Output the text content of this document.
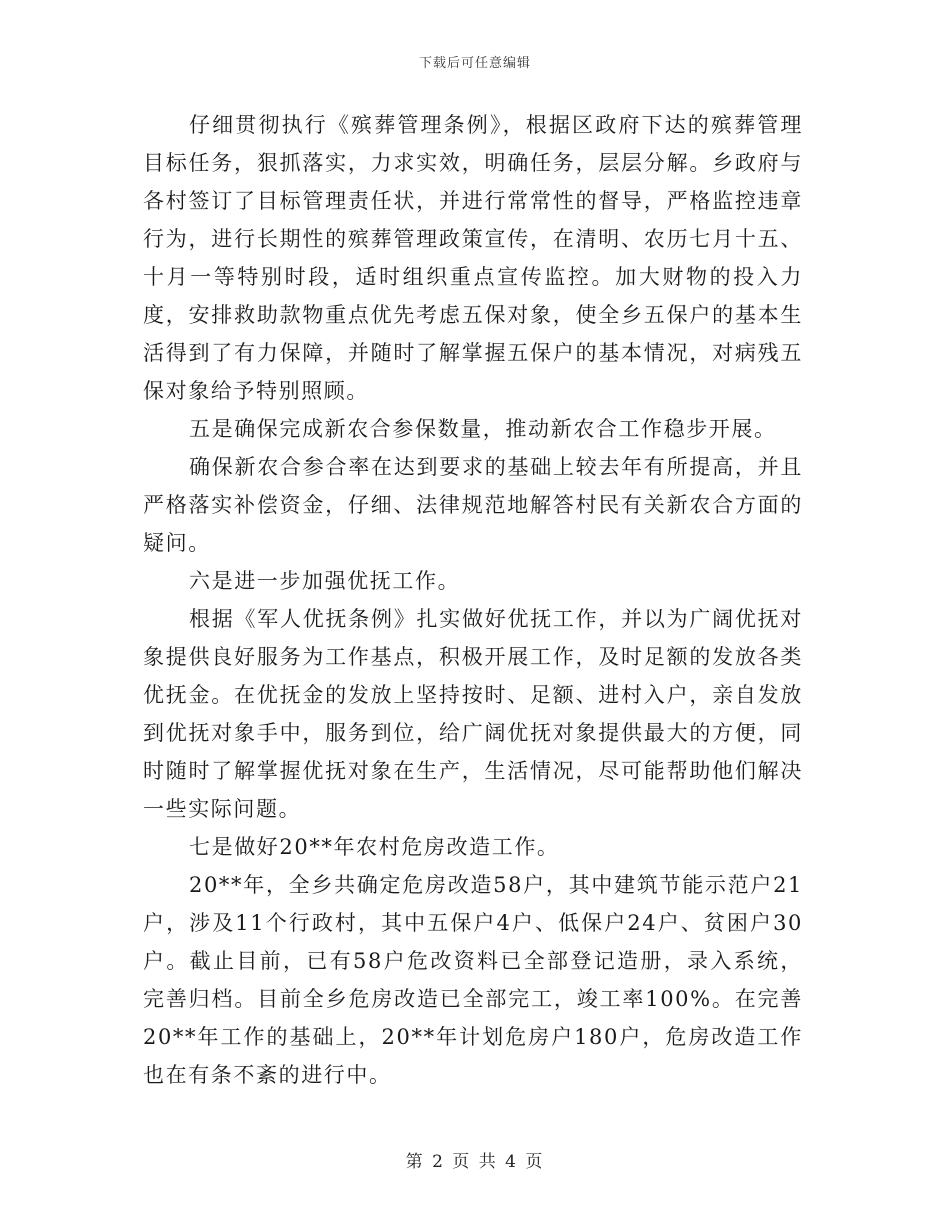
下载后可任意编辑

仔细贯彻执行《殡葬管理条例》，根据区政府下达的殡葬管理目标任务，狠抓落实，力求实效，明确任务，层层分解。乡政府与各村签订了目标管理责任状，并进行常常性的督导，严格监控违章行为，进行长期性的殡葬管理政策宣传，在清明、农历七月十五、十月一等特别时段，适时组织重点宣传监控。加大财物的投入力度，安排救助款物重点优先考虑五保对象，使全乡五保户的基本生活得到了有力保障，并随时了解掌握五保户的基本情况，对病残五保对象给予特别照顾。

五是确保完成新农合参保数量，推动新农合工作稳步开展。

确保新农合参合率在达到要求的基础上较去年有所提高，并且严格落实补偿资金，仔细、法律规范地解答村民有关新农合方面的疑问。

六是进一步加强优抚工作。

根据《军人优抚条例》扎实做好优抚工作，并以为广阔优抚对象提供良好服务为工作基点，积极开展工作，及时足额的发放各类优抚金。在优抚金的发放上坚持按时、足额、进村入户，亲自发放到优抚对象手中，服务到位，给广阔优抚对象提供最大的方便，同时随时了解掌握优抚对象在生产，生活情况，尽可能帮助他们解决一些实际问题。

七是做好20**年农村危房改造工作。

20**年，全乡共确定危房改造58户，其中建筑节能示范户21户，涉及11个行政村，其中五保户4户、低保户24户、贫困户30户。截止目前，已有58户危改资料已全部登记造册，录入系统，完善归档。目前全乡危房改造已全部完工，竣工率100%。在完善20**年工作的基础上，20**年计划危房户180户，危房改造工作也在有条不紊的进行中。

第 2 页 共 4 页
